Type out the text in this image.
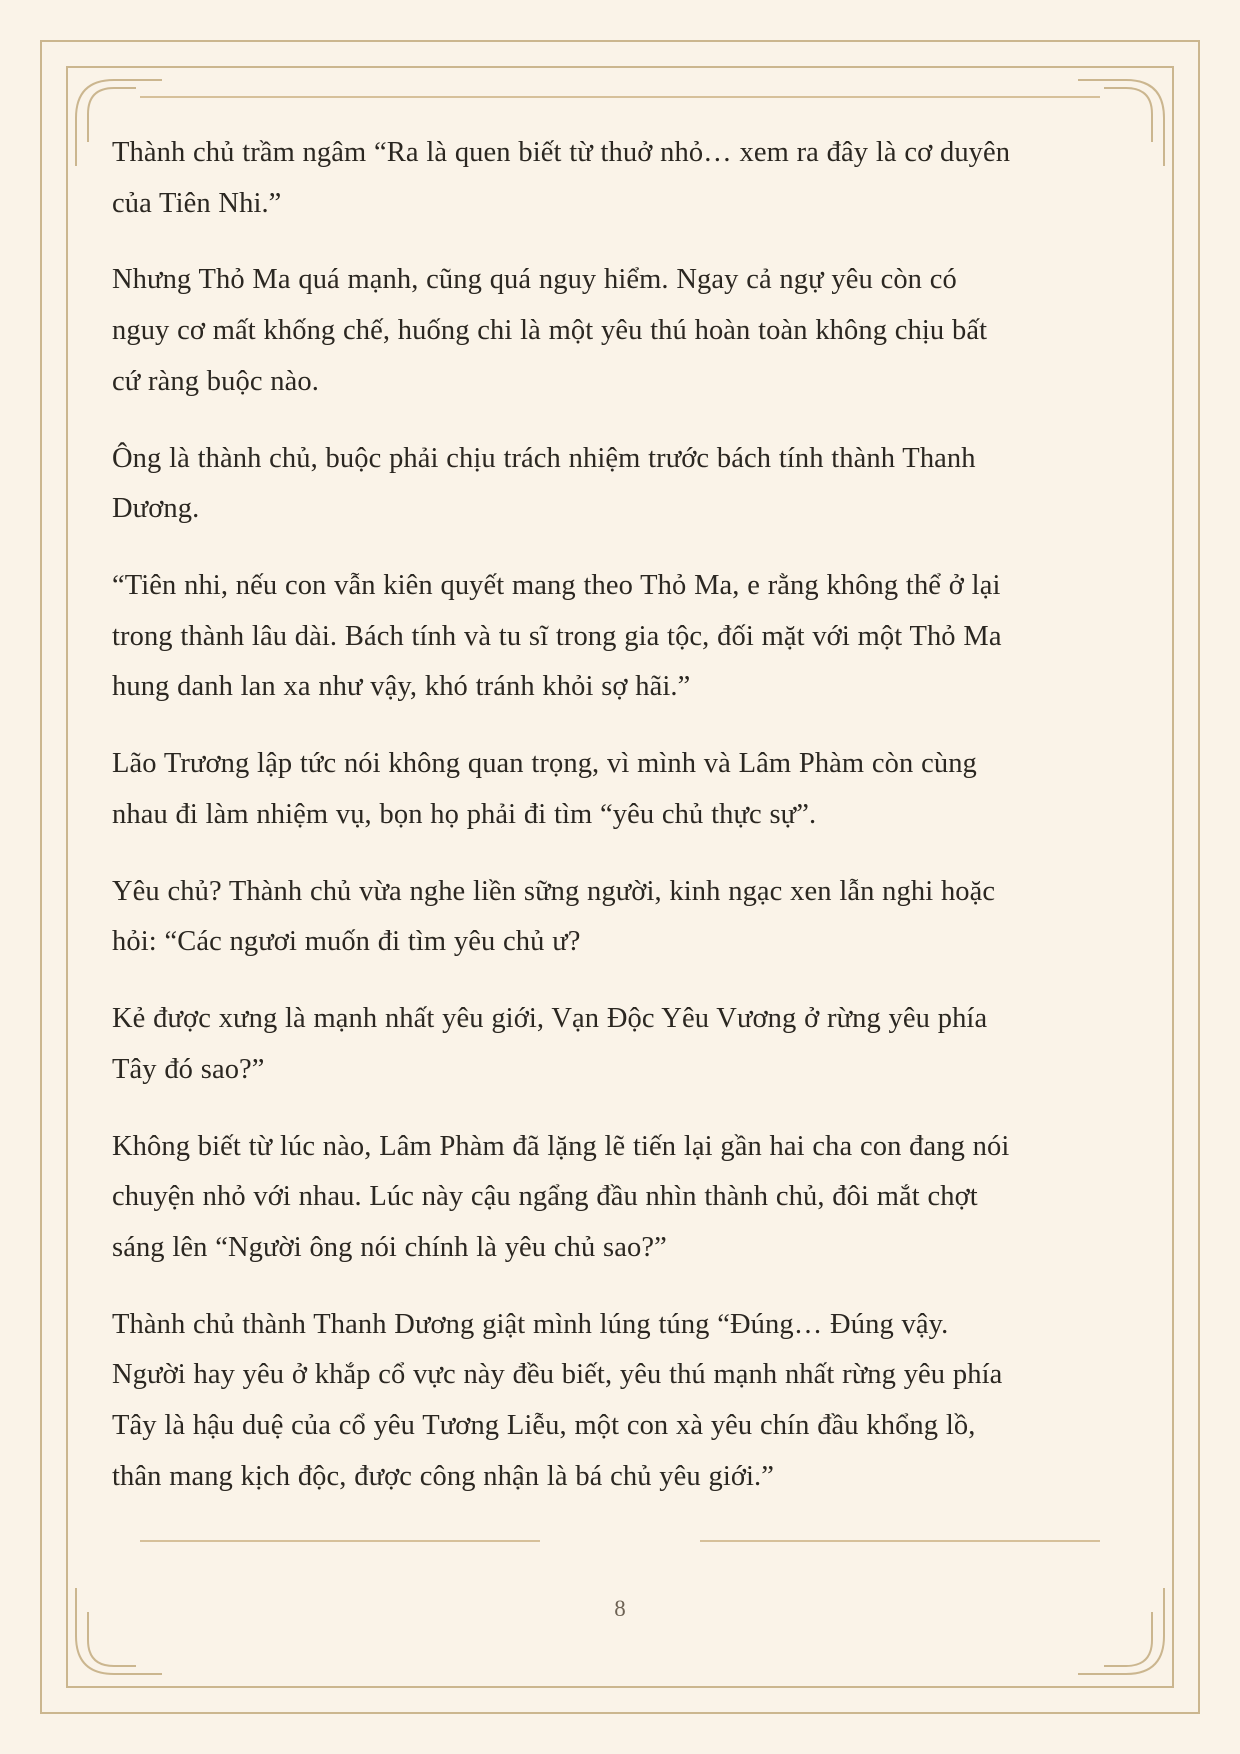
Thành chủ trầm ngâm “Ra là quen biết từ thuở nhỏ… xem ra đây là cơ duyên của Tiên Nhi.”

Nhưng Thỏ Ma quá mạnh, cũng quá nguy hiểm. Ngay cả ngự yêu còn có nguy cơ mất khống chế, huống chi là một yêu thú hoàn toàn không chịu bất cứ ràng buộc nào.

Ông là thành chủ, buộc phải chịu trách nhiệm trước bách tính thành Thanh Dương.

“Tiên nhi, nếu con vẫn kiên quyết mang theo Thỏ Ma, e rằng không thể ở lại trong thành lâu dài. Bách tính và tu sĩ trong gia tộc, đối mặt với một Thỏ Ma hung danh lan xa như vậy, khó tránh khỏi sợ hãi.”

Lão Trương lập tức nói không quan trọng, vì mình và Lâm Phàm còn cùng nhau đi làm nhiệm vụ, bọn họ phải đi tìm “yêu chủ thực sự”.

Yêu chủ? Thành chủ vừa nghe liền sững người, kinh ngạc xen lẫn nghi hoặc hỏi: “Các ngươi muốn đi tìm yêu chủ ư?

Kẻ được xưng là mạnh nhất yêu giới, Vạn Độc Yêu Vương ở rừng yêu phía Tây đó sao?”

Không biết từ lúc nào, Lâm Phàm đã lặng lẽ tiến lại gần hai cha con đang nói chuyện nhỏ với nhau. Lúc này cậu ngẩng đầu nhìn thành chủ, đôi mắt chợt sáng lên “Người ông nói chính là yêu chủ sao?”

Thành chủ thành Thanh Dương giật mình lúng túng “Đúng… Đúng vậy. Người hay yêu ở khắp cổ vực này đều biết, yêu thú mạnh nhất rừng yêu phía Tây là hậu duệ của cổ yêu Tương Liễu, một con xà yêu chín đầu khổng lồ, thân mang kịch độc, được công nhận là bá chủ yêu giới.”

8
